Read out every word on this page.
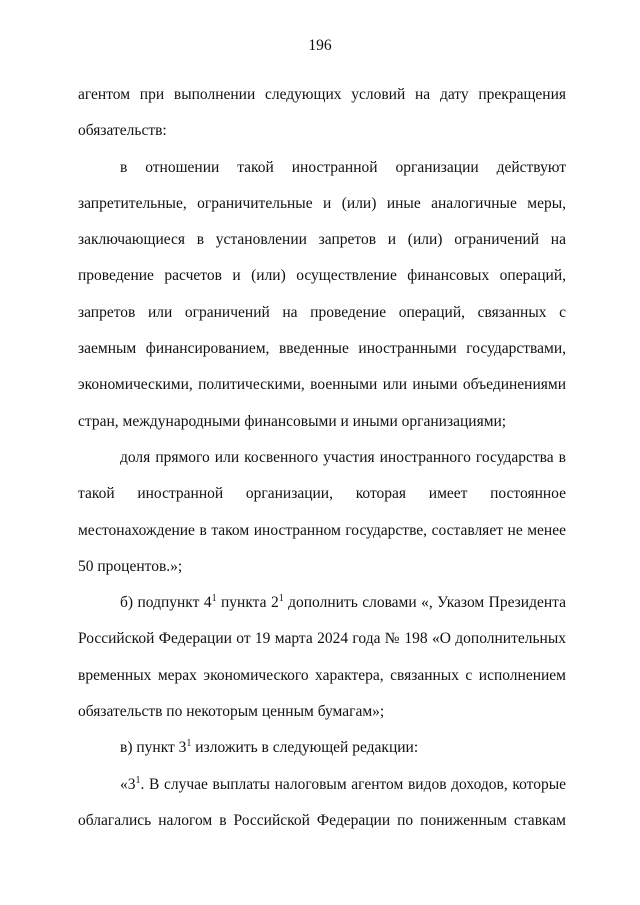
196

агентом при выполнении следующих условий на дату прекращения обязательств:

в отношении такой иностранной организации действуют запретительные, ограничительные и (или) иные аналогичные меры, заключающиеся в установлении запретов и (или) ограничений на проведение расчетов и (или) осуществление финансовых операций, запретов или ограничений на проведение операций, связанных с заемным финансированием, введенные иностранными государствами, экономическими, политическими, военными или иными объединениями стран, международными финансовыми и иными организациями;

доля прямого или косвенного участия иностранного государства в такой иностранной организации, которая имеет постоянное местонахождение в таком иностранном государстве, составляет не менее 50 процентов.»;

б) подпункт $4^1$ пункта $2^1$ дополнить словами «, Указом Президента Российской Федерации от 19 марта 2024 года № 198 «О дополнительных временных мерах экономического характера, связанных с исполнением обязательств по некоторым ценным бумагам»;

в) пункт $3^1$ изложить в следующей редакции:

«$3^1$. В случае выплаты налоговым агентом видов доходов, которые облагались налогом в Российской Федерации по пониженным ставкам
